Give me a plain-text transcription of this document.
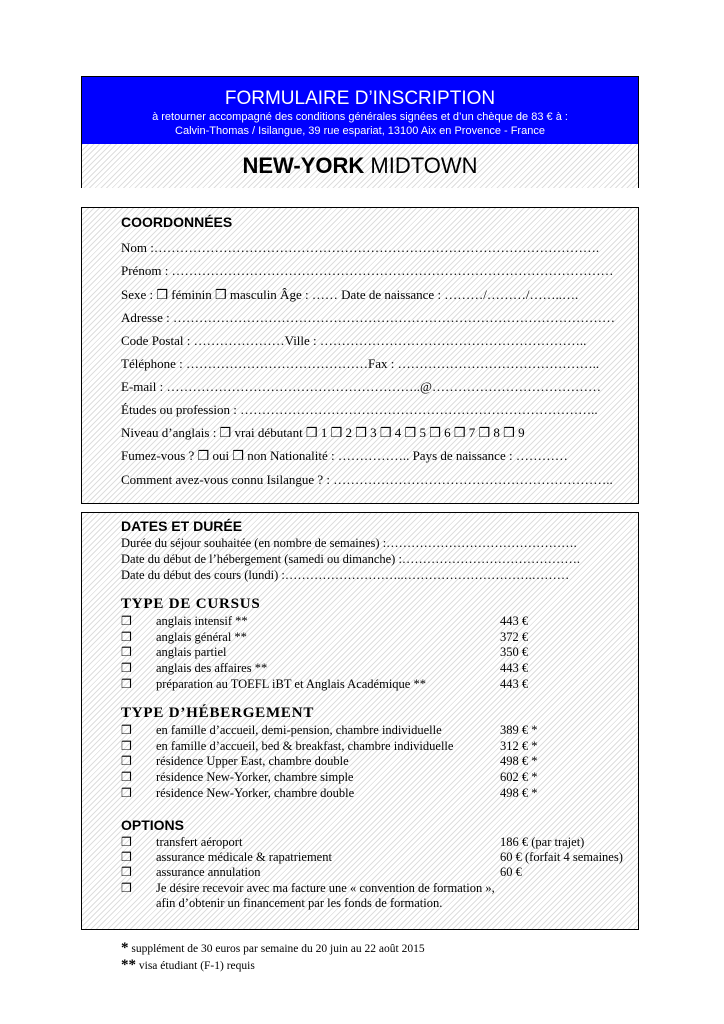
FORMULAIRE D’INSCRIPTION
à retourner accompagné des conditions générales signées et d’un chèque de 83 € à :
Calvin-Thomas / Isilangue, 39 rue espariat, 13100 Aix en Provence - France
NEW-YORK MIDTOWN
COORDONNÉES
Nom :………………………………………………………………………………………….
Prénom : …………………………………………………………………………………………
Sexe : ❒ féminin ❒ masculin Âge : …… Date de naissance : ………/………/……..….
Adresse : …………………………………………………………………………………………
Code Postal : …………………Ville : ……………………………………………………..
Téléphone : ……………………………………Fax : ………………………………………..
E-mail : …………………………………………………..@…………………………………
Études ou profession : ………………………………………………………………………..
Niveau d’anglais : ❒ vrai débutant ❒ 1 ❒ 2 ❒ 3 ❒ 4 ❒ 5 ❒ 6 ❒ 7 ❒ 8 ❒ 9
Fumez-vous ? ❒ oui ❒ non Nationalité : …………….. Pays de naissance : …………
Comment avez-vous connu Isilangue ? : ………………………………………………………..
DATES ET DURÉE
Durée du séjour souhaitée (en nombre de semaines) :……………………………………….
Date du début de l’hébergement (samedi ou dimanche) :…………………………………….
Date du début des cours (lundi) :………………………..………………………….………
TYPE DE CURSUS
❒ anglais intensif **	443 €
❒ anglais général **	372 €
❒ anglais partiel	350 €
❒ anglais des affaires **	443 €
❒ préparation au TOEFL iBT et Anglais Académique **	443 €
TYPE D’HÉBERGEMENT
❒ en famille d’accueil, demi-pension, chambre individuelle	389 € *
❒ en famille d’accueil, bed & breakfast, chambre individuelle	312 € *
❒ résidence Upper East, chambre double	498 € *
❒ résidence New-Yorker, chambre simple	602 € *
❒ résidence New-Yorker, chambre double	498 € *
OPTIONS
❒ transfert aéroport	186 € (par trajet)
❒ assurance médicale & rapatriement	60 € (forfait 4 semaines)
❒ assurance annulation	60 €
❒ Je désire recevoir avec ma facture une « convention de formation »,
afin d’obtenir un financement par les fonds de formation.
* supplément de 30 euros par semaine du 20 juin au 22 août 2015
** visa étudiant (F-1) requis
